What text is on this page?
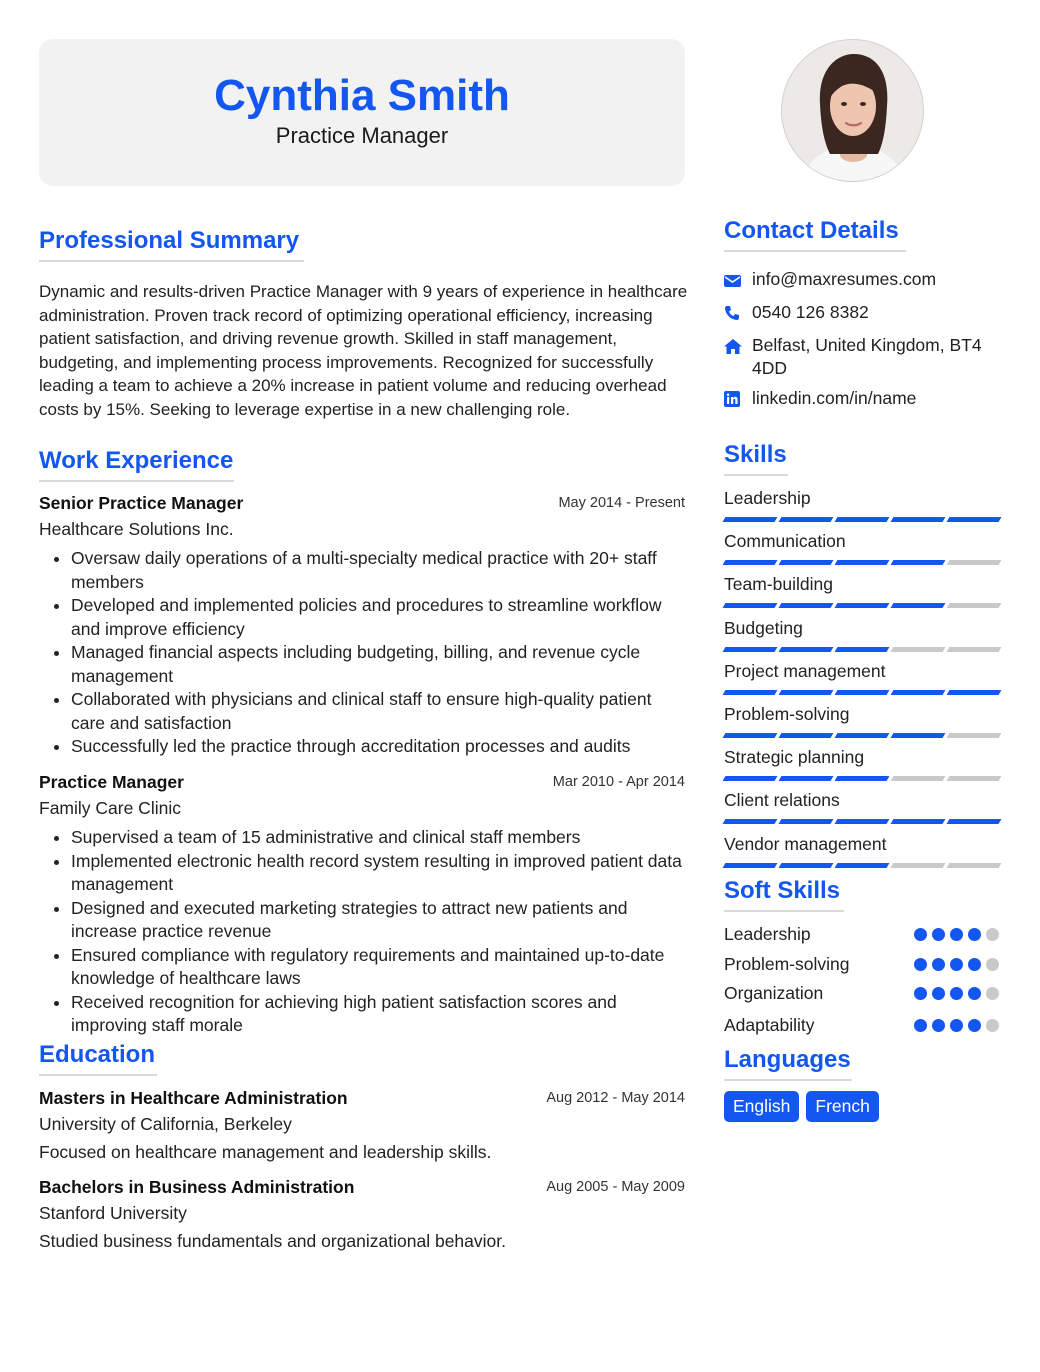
Cynthia Smith
Practice Manager
Professional Summary
Dynamic and results-driven Practice Manager with 9 years of experience in healthcare administration. Proven track record of optimizing operational efficiency, increasing patient satisfaction, and driving revenue growth. Skilled in staff management, budgeting, and implementing process improvements. Recognized for successfully leading a team to achieve a 20% increase in patient volume and reducing overhead costs by 15%. Seeking to leverage expertise in a new challenging role.
Work Experience
Senior Practice Manager	May 2014 - Present
Healthcare Solutions Inc.
• Oversaw daily operations of a multi-specialty medical practice with 20+ staff members
• Developed and implemented policies and procedures to streamline workflow and improve efficiency
• Managed financial aspects including budgeting, billing, and revenue cycle management
• Collaborated with physicians and clinical staff to ensure high-quality patient care and satisfaction
• Successfully led the practice through accreditation processes and audits
Practice Manager	Mar 2010 - Apr 2014
Family Care Clinic
• Supervised a team of 15 administrative and clinical staff members
• Implemented electronic health record system resulting in improved patient data management
• Designed and executed marketing strategies to attract new patients and increase practice revenue
• Ensured compliance with regulatory requirements and maintained up-to-date knowledge of healthcare laws
• Received recognition for achieving high patient satisfaction scores and improving staff morale
Education
Masters in Healthcare Administration	Aug 2012 - May 2014
University of California, Berkeley
Focused on healthcare management and leadership skills.
Bachelors in Business Administration	Aug 2005 - May 2009
Stanford University
Studied business fundamentals and organizational behavior.
Contact Details
info@maxresumes.com
0540 126 8382
Belfast, United Kingdom, BT4 4DD
linkedin.com/in/name
Skills
Leadership
Communication
Team-building
Budgeting
Project management
Problem-solving
Strategic planning
Client relations
Vendor management
Soft Skills
Leadership
Problem-solving
Organization
Adaptability
Languages
English	French
